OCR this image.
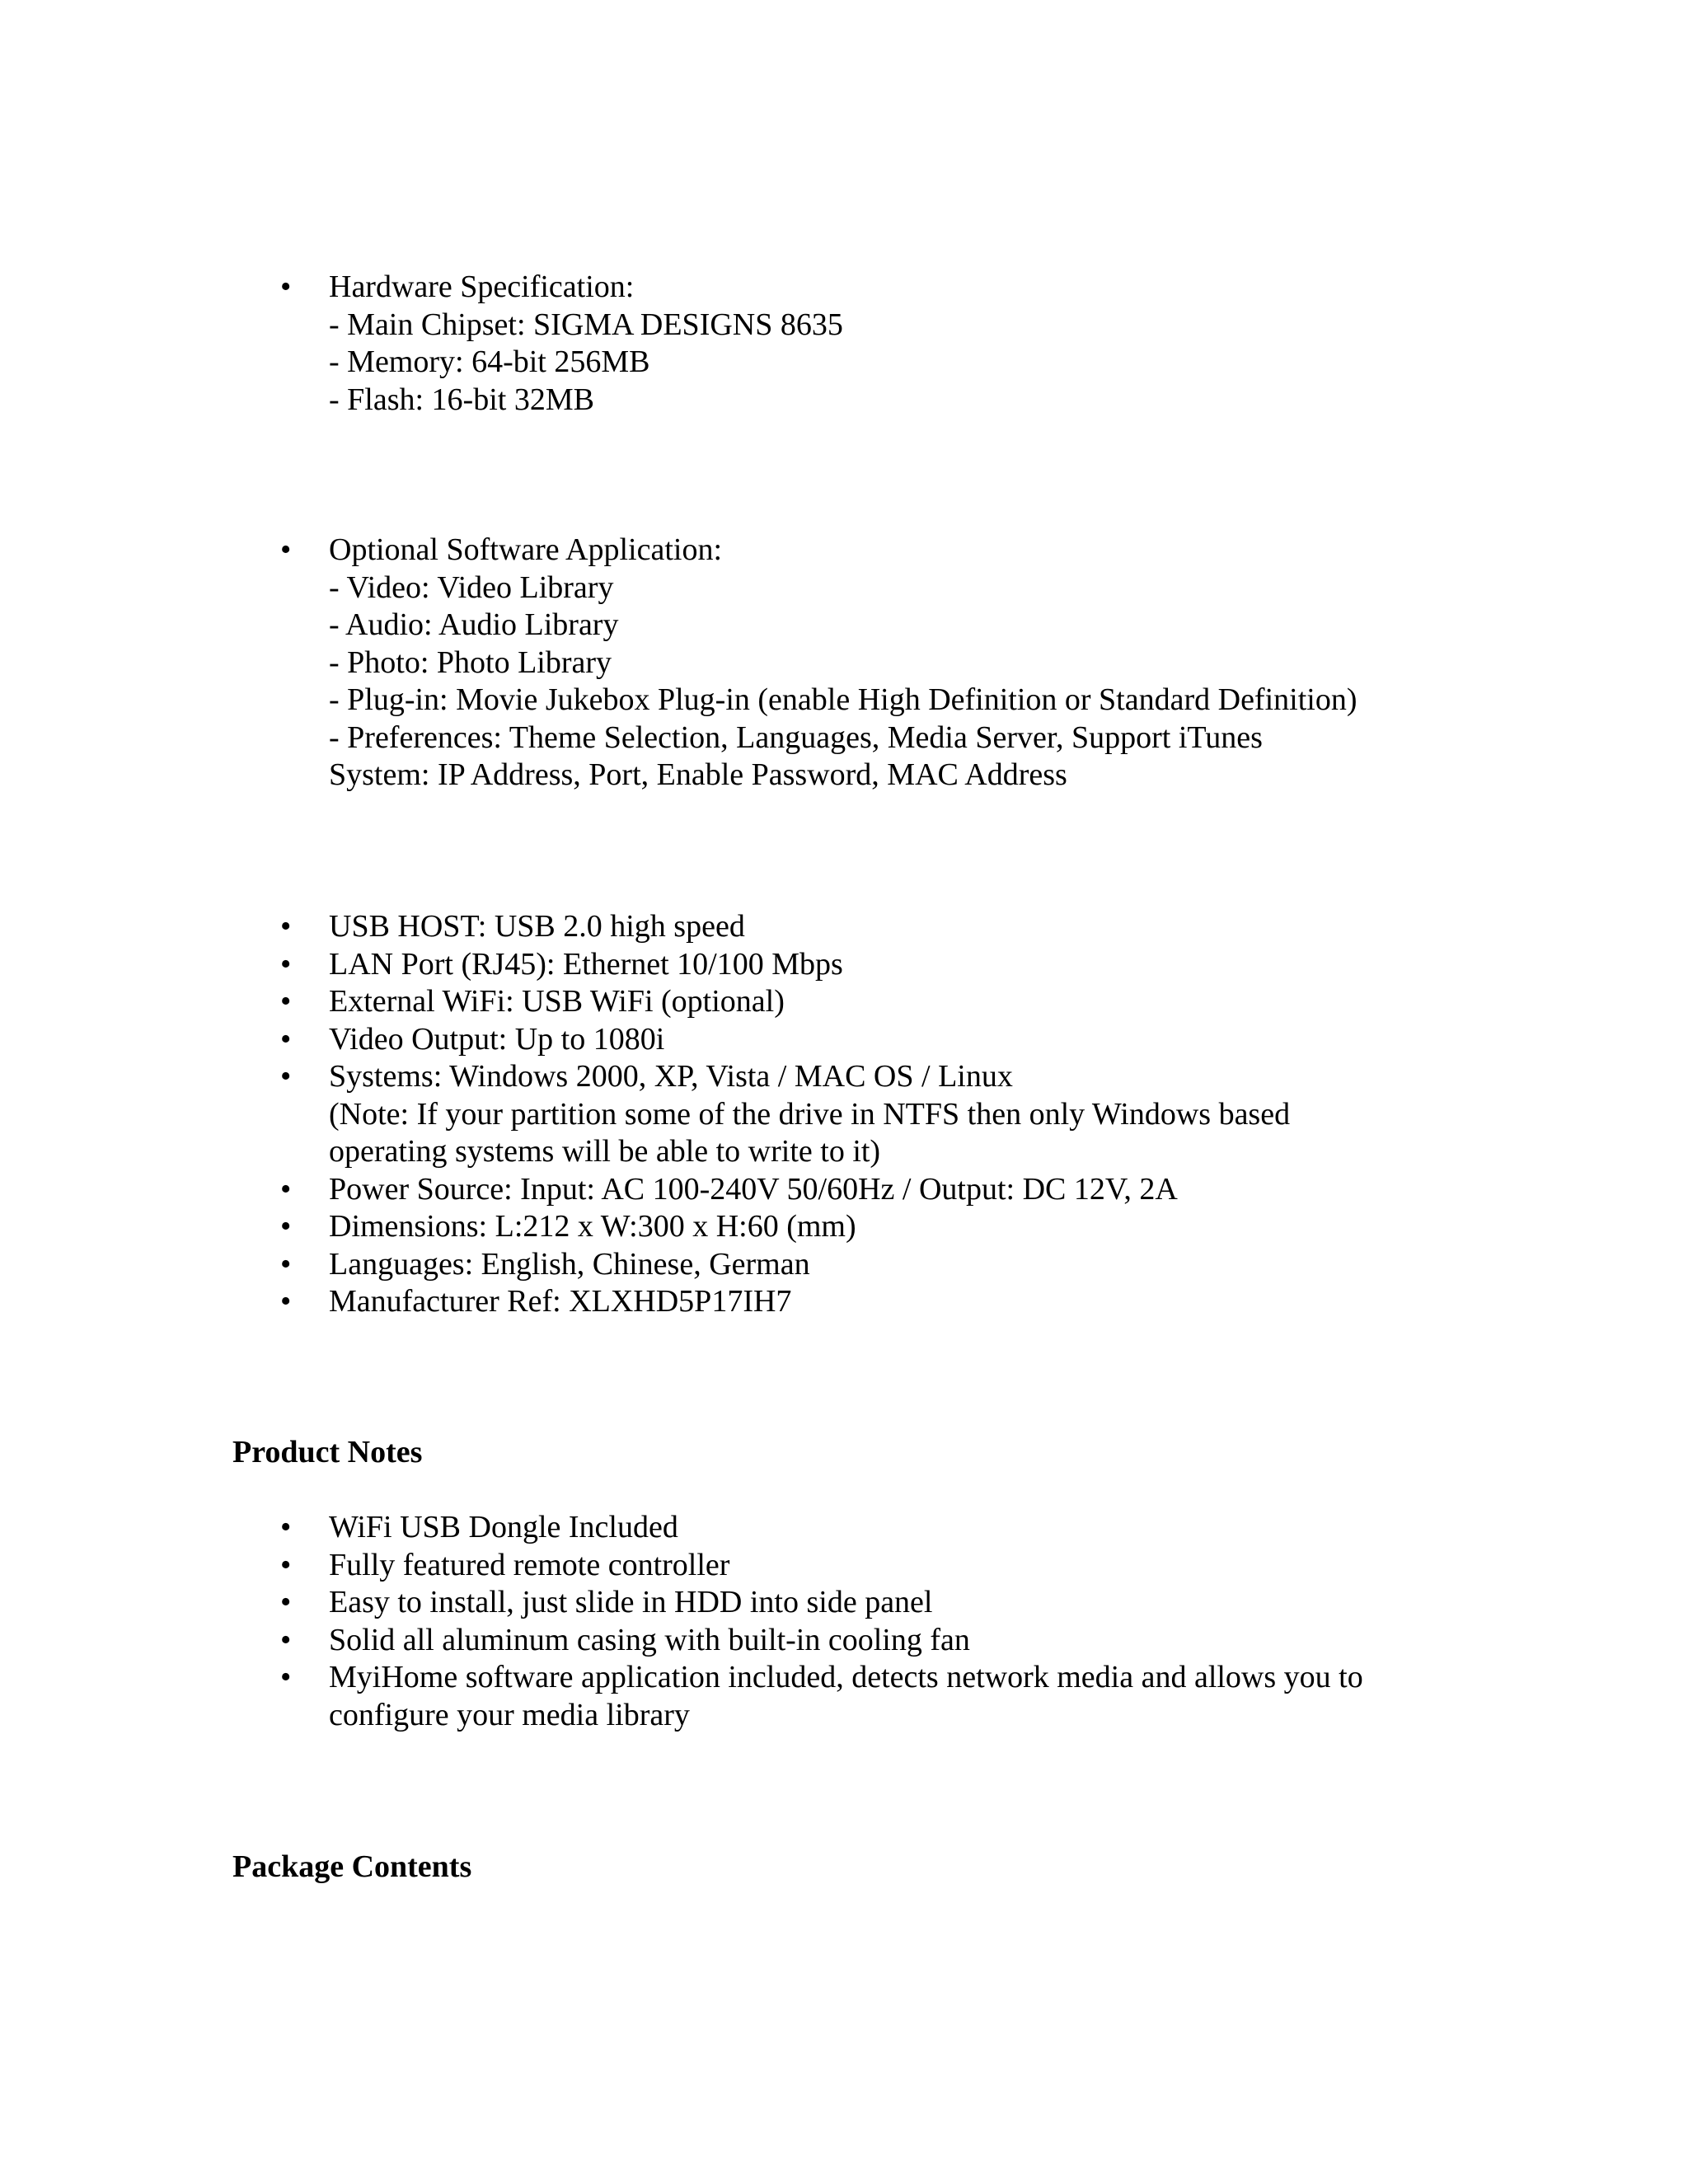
• Hardware Specification:
- Main Chipset: SIGMA DESIGNS 8635
- Memory: 64-bit 256MB
- Flash: 16-bit 32MB
• Optional Software Application:
- Video: Video Library
- Audio: Audio Library
- Photo: Photo Library
- Plug-in: Movie Jukebox Plug-in (enable High Definition or Standard Definition)
- Preferences: Theme Selection, Languages, Media Server, Support iTunes
System: IP Address, Port, Enable Password, MAC Address
• USB HOST: USB 2.0 high speed
• LAN Port (RJ45): Ethernet 10/100 Mbps
• External WiFi: USB WiFi (optional)
• Video Output: Up to 1080i
• Systems: Windows 2000, XP, Vista / MAC OS / Linux
(Note: If your partition some of the drive in NTFS then only Windows based
operating systems will be able to write to it)
• Power Source: Input: AC 100-240V 50/60Hz / Output: DC 12V, 2A
• Dimensions: L:212 x W:300 x H:60 (mm)
• Languages: English, Chinese, German
• Manufacturer Ref: XLXHD5P17IH7
Product Notes
• WiFi USB Dongle Included
• Fully featured remote controller
• Easy to install, just slide in HDD into side panel
• Solid all aluminum casing with built-in cooling fan
• MyiHome software application included, detects network media and allows you to
configure your media library
Package Contents
